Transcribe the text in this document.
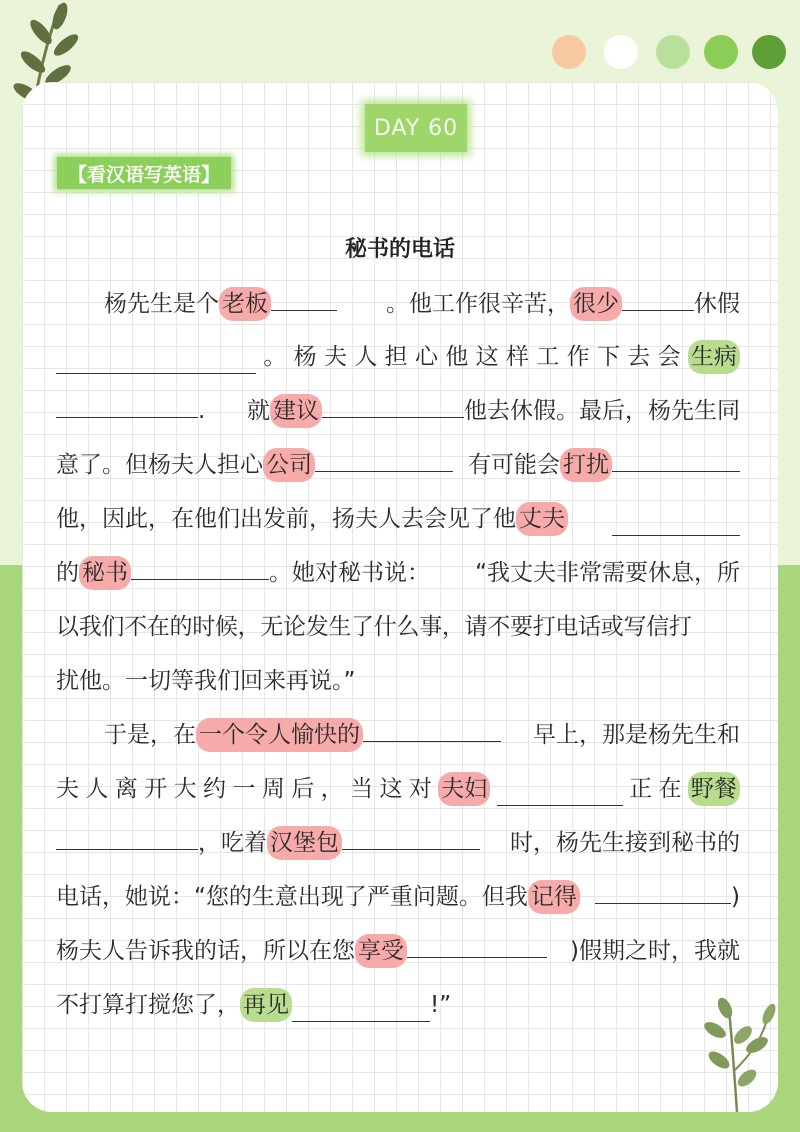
DAY 60
【看汉语写英语】
秘书的电话
杨先生是个 老板	。他工作很辛苦， 很少	休假
。 杨 夫 人 担 心 他 这 样 工 作 下 去 会 生病
. 就 建议	他去休假。最后，杨先生同
意了。但杨夫人担心 公司	有可能会 打扰
他，因此，在他们出发前，扬夫人去会见了他 丈夫
的 秘书	。她对秘书说： “我丈夫非常需要休息，所
以我们不在的时候，无论发生了什么事，请不要打电话或写信打
扰他。一切等我们回来再说。”
于是，在 一个令人愉快的	早上，那是杨先生和
夫 人 离 开 大 约 一 周 后 ， 当 这 对 夫妇	正 在 野餐
，吃着 汉堡包	时，杨先生接到秘书的
电话，她说：“您的生意出现了严重问题。但我 记得	)
杨夫人告诉我的话，所以在您 享受	)假期之时，我就
不打算打搅您了， 再见	!”
